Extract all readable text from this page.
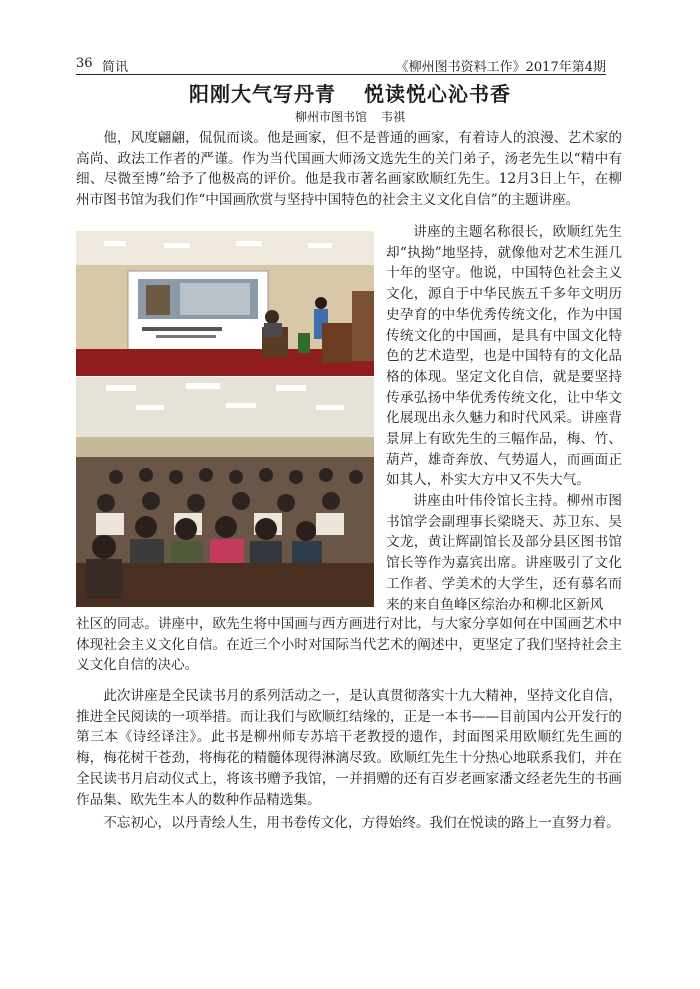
36 简讯	《柳州图书资料工作》2017年第4期
阳刚大气写丹青 悦读悦心沁书香
柳州市图书馆 韦祺

他，风度翩翩，侃侃而谈。他是画家，但不是普通的画家，有着诗人的浪漫、艺术家的高尚、政法工作者的严谨。作为当代国画大师汤文选先生的关门弟子，汤老先生以“精中有细、尽微至博”给予了他极高的评价。他是我市著名画家欧顺红先生。12月3日上午，在柳州市图书馆为我们作“中国画欣赏与坚持中国特色的社会主义文化自信”的主题讲座。

讲座的主题名称很长，欧顺红先生却“执拗”地坚持，就像他对艺术生涯几十年的坚守。他说，中国特色社会主义文化，源自于中华民族五千多年文明历史孕育的中华优秀传统文化，作为中国传统文化的中国画，是具有中国文化特色的艺术造型，也是中国特有的文化品格的体现。坚定文化自信，就是要坚持传承弘扬中华优秀传统文化，让中华文化展现出永久魅力和时代风采。讲座背景屏上有欧先生的三幅作品，梅、竹、葫芦，雄奇奔放、气势逼人，而画面正如其人，朴实大方中又不失大气。

讲座由叶伟伶馆长主持。柳州市图书馆学会副理事长梁晓天、苏卫东、吴文龙，黄让辉副馆长及部分县区图书馆馆长等作为嘉宾出席。讲座吸引了文化工作者、学美术的大学生，还有慕名而来的来自鱼峰区综治办和柳北区新风

社区的同志。讲座中，欧先生将中国画与西方画进行对比，与大家分享如何在中国画艺术中体现社会主义文化自信。在近三个小时对国际当代艺术的阐述中，更坚定了我们坚持社会主义文化自信的决心。

此次讲座是全民读书月的系列活动之一，是认真贯彻落实十九大精神，坚持文化自信，推进全民阅读的一项举措。而让我们与欧顺红结缘的，正是一本书——目前国内公开发行的第三本《诗经译注》。此书是柳州师专苏培干老教授的遗作，封面图采用欧顺红先生画的梅，梅花树干苍劲，将梅花的精髓体现得淋漓尽致。欧顺红先生十分热心地联系我们，并在全民读书月启动仪式上，将该书赠予我馆，一并捐赠的还有百岁老画家潘文经老先生的书画作品集、欧先生本人的数种作品精选集。

不忘初心，以丹青绘人生，用书卷传文化，方得始终。我们在悦读的路上一直努力着。
